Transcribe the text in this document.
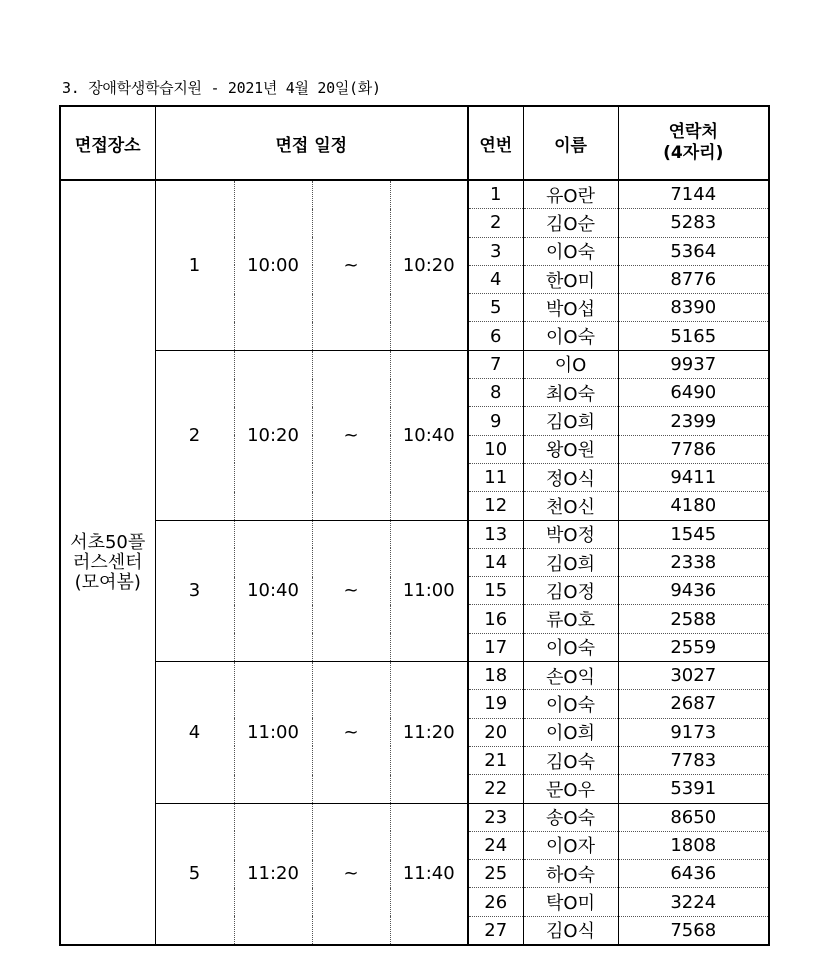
3. 장애학생학습지원 - 2021년 4월 20일(화)
면접장소	면접 일정				연번	이름	연락처
(4자리)

서초50플
러스센터
(모여봄)	1	10:00	~	10:20	1	유O란	7144
					2	김O순	5283
					3	이O숙	5364
					4	한O미	8776
					5	박O섭	8390
					6	이O숙	5165
	2	10:20	~	10:40	7	이O	9937
					8	최O숙	6490
					9	김O희	2399
					10	왕O원	7786
					11	정O식	9411
					12	천O신	4180
	3	10:40	~	11:00	13	박O정	1545
					14	김O희	2338
					15	김O정	9436
					16	류O호	2588
					17	이O숙	2559
	4	11:00	~	11:20	18	손O익	3027
					19	이O숙	2687
					20	이O희	9173
					21	김O숙	7783
					22	문O우	5391
	5	11:20	~	11:40	23	송O숙	8650
					24	이O자	1808
					25	하O숙	6436
					26	탁O미	3224
					27	김O식	7568
